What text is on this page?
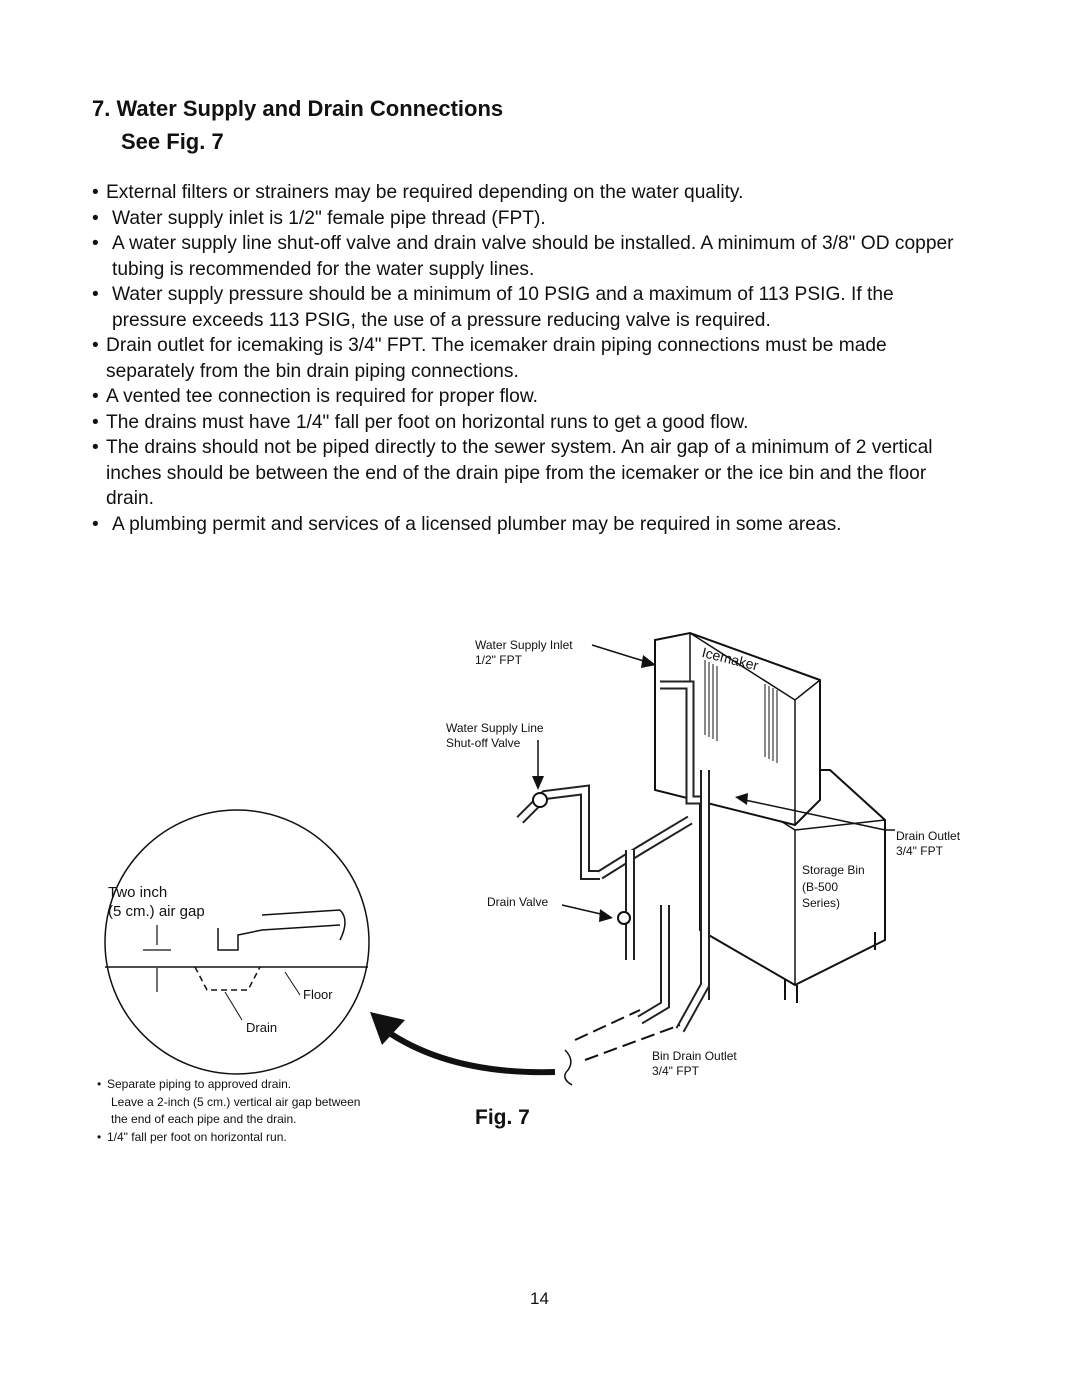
7. Water Supply and Drain Connections
See Fig. 7
• External filters or strainers may be required depending on the water quality.
• Water supply inlet is 1/2" female pipe thread (FPT).
• A water supply line shut-off valve and drain valve should be installed. A minimum of 3/8" OD copper tubing is recommended for the water supply lines.
• Water supply pressure should be a minimum of 10 PSIG and a maximum of 113 PSIG. If the pressure exceeds 113 PSIG, the use of a pressure reducing valve is required.
• Drain outlet for icemaking is 3/4" FPT. The icemaker drain piping connections must be made separately from the bin drain piping connections.
• A vented tee connection is required for proper flow.
• The drains must have 1/4" fall per foot on horizontal runs to get a good flow.
• The drains should not be piped directly to the sewer system. An air gap of a minimum of 2 vertical inches should be between the end of the drain pipe from the icemaker or the ice bin and the floor drain.
• A plumbing permit and services of a licensed plumber may be required in some areas.
Water Supply Inlet
1/2" FPT	Icemaker
Water Supply Line
Shut-off Valve
Drain Outlet
3/4" FPT
Storage Bin
(B-500
Series)
Drain Valve
Bin Drain Outlet
3/4" FPT
Two inch
(5 cm.) air gap
Floor
Drain
• Separate piping to approved drain.
Leave a 2-inch (5 cm.) vertical air gap between
the end of each pipe and the drain.
• 1/4" fall per foot on horizontal run.
Fig. 7
14
